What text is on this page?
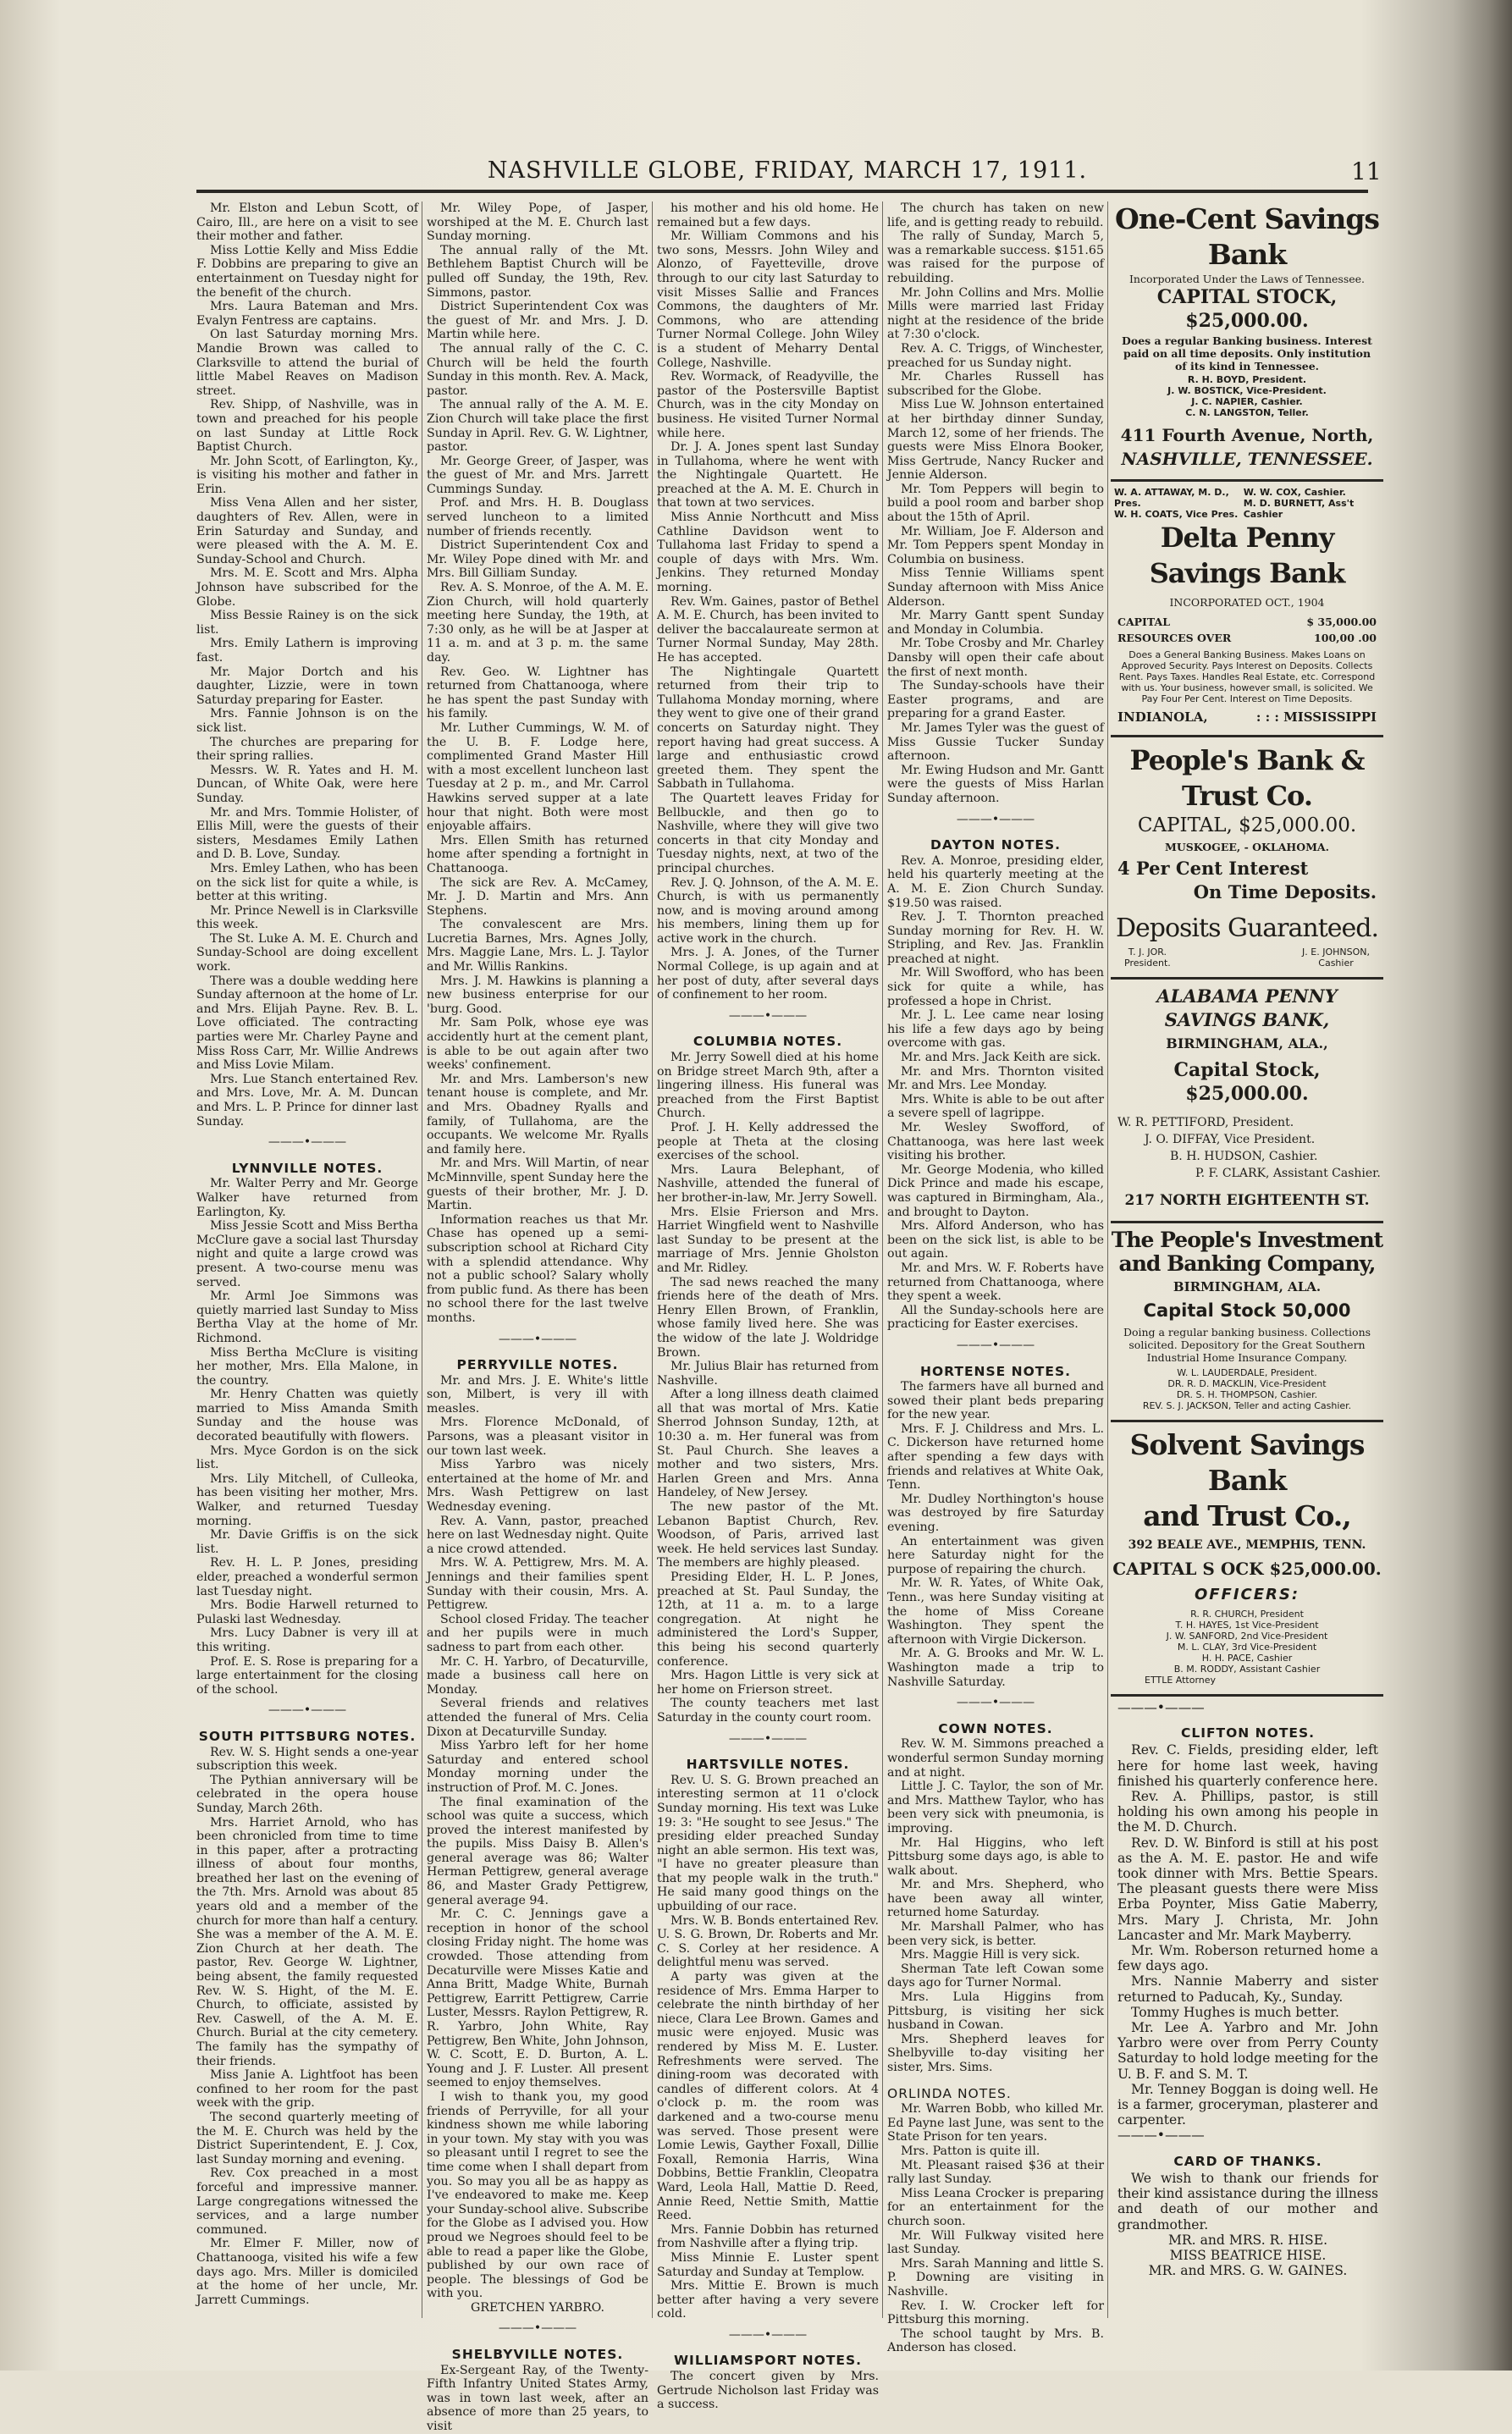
NASHVILLE GLOBE, FRIDAY, MARCH 17, 1911.	11

Mr. Elston and Lebun Scott, of Cairo, Ill., are here on a visit to see their mother and father.

Miss Lottie Kelly and Miss Eddie F. Dobbins are preparing to give an entertainment on Tuesday night for the benefit of the church.

Mrs. Laura Bateman and Mrs. Evalyn Fentress are captains.

On last Saturday morning Mrs. Mandie Brown was called to Clarksville to attend the burial of little Mabel Reaves on Madison street.

Rev. Shipp, of Nashville, was in town and preached for his people on last Sunday at Little Rock Baptist Church.

Mr. John Scott, of Earlington, Ky., is visiting his mother and father in Erin.

Miss Vena Allen and her sister, daughters of Rev. Allen, were in Erin Saturday and Sunday, and were pleased with the A. M. E. Sunday-School and Church.

Mrs. M. E. Scott and Mrs. Alpha Johnson have subscribed for the Globe.

Miss Bessie Rainey is on the sick list.

Mrs. Emily Lathern is improving fast.

Mr. Major Dortch and his daughter, Lizzie, were in town Saturday preparing for Easter.

Mrs. Fannie Johnson is on the sick list.

The churches are preparing for their spring rallies.

Messrs. W. R. Yates and H. M. Duncan, of White Oak, were here Sunday.

Mr. and Mrs. Tommie Holister, of Ellis Mill, were the guests of their sisters, Mesdames Emily Lathen and D. B. Love, Sunday.

Mrs. Emley Lathen, who has been on the sick list for quite a while, is better at this writing.

Mr. Prince Newell is in Clarksville this week.

The St. Luke A. M. E. Church and Sunday-School are doing excellent work.

There was a double wedding here Sunday afternoon at the home of Lr. and Mrs. Elijah Payne. Rev. B. L. Love officiated. The contracting parties were Mr. Charley Payne and Miss Ross Carr, Mr. Willie Andrews and Miss Lovie Milam.

Mrs. Lue Stanch entertained Rev. and Mrs. Love, Mr. A. M. Duncan and Mrs. L. P. Prince for dinner last Sunday.

———•———
LYNNVILLE NOTES.

Mr. Walter Perry and Mr. George Walker have returned from Earlington, Ky.

Miss Jessie Scott and Miss Bertha McClure gave a social last Thursday night and quite a large crowd was present. A two-course menu was served.

Mr. Arml Joe Simmons was quietly married last Sunday to Miss Bertha Vlay at the home of Mr. Richmond.

Miss Bertha McClure is visiting her mother, Mrs. Ella Malone, in the country.

Mr. Henry Chatten was quietly married to Miss Amanda Smith Sunday and the house was decorated beautifully with flowers.

Mrs. Myce Gordon is on the sick list.

Mrs. Lily Mitchell, of Culleoka, has been visiting her mother, Mrs. Walker, and returned Tuesday morning.

Mr. Davie Griffis is on the sick list.

Rev. H. L. P. Jones, presiding elder, preached a wonderful sermon last Tuesday night.

Mrs. Bodie Harwell returned to Pulaski last Wednesday.

Mrs. Lucy Dabner is very ill at this writing.

Prof. E. S. Rose is preparing for a large entertainment for the closing of the school.

———•———
SOUTH PITTSBURG NOTES.

Rev. W. S. Hight sends a one-year subscription this week.

The Pythian anniversary will be celebrated in the opera house Sunday, March 26th.

Mrs. Harriet Arnold, who has been chronicled from time to time in this paper, after a protracting illness of about four months, breathed her last on the evening of the 7th. Mrs. Arnold was about 85 years old and a member of the church for more than half a century. She was a member of the A. M. E. Zion Church at her death. The pastor, Rev. George W. Lightner, being absent, the family requested Rev. W. S. Hight, of the M. E. Church, to officiate, assisted by Rev. Caswell, of the A. M. E. Church. Burial at the city cemetery. The family has the sympathy of their friends.

Miss Janie A. Lightfoot has been confined to her room for the past week with the grip.

The second quarterly meeting of the M. E. Church was held by the District Superintendent, E. J. Cox, last Sunday morning and evening.

Rev. Cox preached in a most forceful and impressive manner. Large congregations witnessed the services, and a large number communed.

Mr. Elmer F. Miller, now of Chattanooga, visited his wife a few days ago. Mrs. Miller is domiciled at the home of her uncle, Mr. Jarrett Cummings.

Mr. Wiley Pope, of Jasper, worshiped at the M. E. Church last Sunday morning.

The annual rally of the Mt. Bethlehem Baptist Church will be pulled off Sunday, the 19th, Rev. Simmons, pastor.

District Superintendent Cox was the guest of Mr. and Mrs. J. D. Martin while here.

The annual rally of the C. C. Church will be held the fourth Sunday in this month. Rev. A. Mack, pastor.

The annual rally of the A. M. E. Zion Church will take place the first Sunday in April. Rev. G. W. Lightner, pastor.

Mr. George Greer, of Jasper, was the guest of Mr. and Mrs. Jarrett Cummings Sunday.

Prof. and Mrs. H. B. Douglass served luncheon to a limited number of friends recently.

District Superintendent Cox and Mr. Wiley Pope dined with Mr. and Mrs. Bill Gilliam Sunday.

Rev. A. S. Monroe, of the A. M. E. Zion Church, will hold quarterly meeting here Sunday, the 19th, at 7:30 only, as he will be at Jasper at 11 a. m. and at 3 p. m. the same day.

Rev. Geo. W. Lightner has returned from Chattanooga, where he has spent the past Sunday with his family.

Mr. Luther Cummings, W. M. of the U. B. F. Lodge here, complimented Grand Master Hill with a most excellent luncheon last Tuesday at 2 p. m., and Mr. Carrol Hawkins served supper at a late hour that night. Both were most enjoyable affairs.

Mrs. Ellen Smith has returned home after spending a fortnight in Chattanooga.

The sick are Rev. A. McCamey, Mr. J. D. Martin and Mrs. Ann Stephens.

The convalescent are Mrs. Lucretia Barnes, Mrs. Agnes Jolly, Mrs. Maggie Lane, Mrs. L. J. Taylor and Mr. Willis Rankins.

Mrs. J. M. Hawkins is planning a new business enterprise for our 'burg. Good.

Mr. Sam Polk, whose eye was accidently hurt at the cement plant, is able to be out again after two weeks' confinement.

Mr. and Mrs. Lamberson's new tenant house is complete, and Mr. and Mrs. Obadney Ryalls and family, of Tullahoma, are the occupants. We welcome Mr. Ryalls and family here.

Mr. and Mrs. Will Martin, of near McMinnville, spent Sunday here the guests of their brother, Mr. J. D. Martin.

Information reaches us that Mr. Chase has opened up a semi-subscription school at Richard City with a splendid attendance. Why not a public school? Salary wholly from public fund. As there has been no school there for the last twelve months.

———•———
PERRYVILLE NOTES.

Mr. and Mrs. J. E. White's little son, Milbert, is very ill with measles.

Mrs. Florence McDonald, of Parsons, was a pleasant visitor in our town last week.

Miss Yarbro was nicely entertained at the home of Mr. and Mrs. Wash Pettigrew on last Wednesday evening.

Rev. A. Vann, pastor, preached here on last Wednesday night. Quite a nice crowd attended.

Mrs. W. A. Pettigrew, Mrs. M. A. Jennings and their families spent Sunday with their cousin, Mrs. A. Pettigrew.

School closed Friday. The teacher and her pupils were in much sadness to part from each other.

Mr. C. H. Yarbro, of Decaturville, made a business call here on Monday.

Several friends and relatives attended the funeral of Mrs. Celia Dixon at Decaturville Sunday.

Miss Yarbro left for her home Saturday and entered school Monday morning under the instruction of Prof. M. C. Jones.

The final examination of the school was quite a success, which proved the interest manifested by the pupils. Miss Daisy B. Allen's general average was 86; Walter Herman Pettigrew, general average 86, and Master Grady Pettigrew, general average 94.

Mr. C. C. Jennings gave a reception in honor of the school closing Friday night. The home was crowded. Those attending from Decaturville were Misses Katie and Anna Britt, Madge White, Burnah Pettigrew, Earritt Pettigrew, Carrie Luster, Messrs. Raylon Pettigrew, R. R. Yarbro, John White, Ray Pettigrew, Ben White, John Johnson, W. C. Scott, E. D. Burton, A. L. Young and J. F. Luster. All present seemed to enjoy themselves.

I wish to thank you, my good friends of Perryville, for all your kindness shown me while laboring in your town. My stay with you was so pleasant until I regret to see the time come when I shall depart from you. So may you all be as happy as I've endeavored to make me. Keep your Sunday-school alive. Subscribe for the Globe as I advised you. How proud we Negroes should feel to be able to read a paper like the Globe, published by our own race of people. The blessings of God be with you.

GRETCHEN YARBRO.

———•———
SHELBYVILLE NOTES.

Ex-Sergeant Ray, of the Twenty-Fifth Infantry United States Army, was in town last week, after an absence of more than 25 years, to visit

his mother and his old home. He remained but a few days.

Mr. William Commons and his two sons, Messrs. John Wiley and Alonzo, of Fayetteville, drove through to our city last Saturday to visit Misses Sallie and Frances Commons, the daughters of Mr. Commons, who are attending Turner Normal College. John Wiley is a student of Meharry Dental College, Nashville.

Rev. Wormack, of Readyville, the pastor of the Postersville Baptist Church, was in the city Monday on business. He visited Turner Normal while here.

Dr. J. A. Jones spent last Sunday in Tullahoma, where he went with the Nightingale Quartett. He preached at the A. M. E. Church in that town at two services.

Miss Annie Northcutt and Miss Cathline Davidson went to Tullahoma last Friday to spend a couple of days with Mrs. Wm. Jenkins. They returned Monday morning.

Rev. Wm. Gaines, pastor of Bethel A. M. E. Church, has been invited to deliver the baccalaureate sermon at Turner Normal Sunday, May 28th. He has accepted.

The Nightingale Quartett returned from their trip to Tullahoma Monday morning, where they went to give one of their grand concerts on Saturday night. They report having had great success. A large and enthusiastic crowd greeted them. They spent the Sabbath in Tullahoma.

The Quartett leaves Friday for Bellbuckle, and then go to Nashville, where they will give two concerts in that city Monday and Tuesday nights, next, at two of the principal churches.

Rev. J. Q. Johnson, of the A. M. E. Church, is with us permanently now, and is moving around among his members, lining them up for active work in the church.

Mrs. J. A. Jones, of the Turner Normal College, is up again and at her post of duty, after several days of confinement to her room.

———•———
COLUMBIA NOTES.

Mr. Jerry Sowell died at his home on Bridge street March 9th, after a lingering illness. His funeral was preached from the First Baptist Church.

Prof. J. H. Kelly addressed the people at Theta at the closing exercises of the school.

Mrs. Laura Belephant, of Nashville, attended the funeral of her brother-in-law, Mr. Jerry Sowell.

Mrs. Elsie Frierson and Mrs. Harriet Wingfield went to Nashville last Sunday to be present at the marriage of Mrs. Jennie Gholston and Mr. Ridley.

The sad news reached the many friends here of the death of Mrs. Henry Ellen Brown, of Franklin, whose family lived here. She was the widow of the late J. Woldridge Brown.

Mr. Julius Blair has returned from Nashville.

After a long illness death claimed all that was mortal of Mrs. Katie Sherrod Johnson Sunday, 12th, at 10:30 a. m. Her funeral was from St. Paul Church. She leaves a mother and two sisters, Mrs. Harlen Green and Mrs. Anna Handeley, of New Jersey.

The new pastor of the Mt. Lebanon Baptist Church, Rev. Woodson, of Paris, arrived last week. He held services last Sunday. The members are highly pleased.

Presiding Elder, H. L. P. Jones, preached at St. Paul Sunday, the 12th, at 11 a. m. to a large congregation. At night he administered the Lord's Supper, this being his second quarterly conference.

Mrs. Hagon Little is very sick at her home on Frierson street.

The county teachers met last Saturday in the county court room.

———•———
HARTSVILLE NOTES.

Rev. U. S. G. Brown preached an interesting sermon at 11 o'clock Sunday morning. His text was Luke 19: 3: "He sought to see Jesus." The presiding elder preached Sunday night an able sermon. His text was, "I have no greater pleasure than that my people walk in the truth." He said many good things on the upbuilding of our race.

Mrs. W. B. Bonds entertained Rev. U. S. G. Brown, Dr. Roberts and Mr. C. S. Corley at her residence. A delightful menu was served.

A party was given at the residence of Mrs. Emma Harper to celebrate the ninth birthday of her niece, Clara Lee Brown. Games and music were enjoyed. Music was rendered by Miss M. E. Luster. Refreshments were served. The dining-room was decorated with candles of different colors. At 4 o'clock p. m. the room was darkened and a two-course menu was served. Those present were Lomie Lewis, Gayther Foxall, Dillie Foxall, Remonia Harris, Wina Dobbins, Bettie Franklin, Cleopatra Ward, Leola Hall, Mattie D. Reed, Annie Reed, Nettie Smith, Mattie Reed.

Mrs. Fannie Dobbin has returned from Nashville after a flying trip.

Miss Minnie E. Luster spent Saturday and Sunday at Templow.

Mrs. Mittie E. Brown is much better after having a very severe cold.

———•———
WILLIAMSPORT NOTES.

The concert given by Mrs. Gertrude Nicholson last Friday was a success.

The church has taken on new life, and is getting ready to rebuild.

The rally of Sunday, March 5, was a remarkable success. $151.65 was raised for the purpose of rebuilding.

Mr. John Collins and Mrs. Mollie Mills were married last Friday night at the residence of the bride at 7:30 o'clock.

Rev. A. C. Triggs, of Winchester, preached for us Sunday night.

Mr. Charles Russell has subscribed for the Globe.

Miss Lue W. Johnson entertained at her birthday dinner Sunday, March 12, some of her friends. The guests were Miss Elnora Booker, Miss Gertrude, Nancy Rucker and Jennie Alderson.

Mr. Tom Peppers will begin to build a pool room and barber shop about the 15th of April.

Mr. William, Joe F. Alderson and Mr. Tom Peppers spent Monday in Columbia on business.

Miss Tennie Williams spent Sunday afternoon with Miss Anice Alderson.

Mr. Marry Gantt spent Sunday and Monday in Columbia.

Mr. Tobe Crosby and Mr. Charley Dansby will open their cafe about the first of next month.

The Sunday-schools have their Easter programs, and are preparing for a grand Easter.

Mr. James Tyler was the guest of Miss Gussie Tucker Sunday afternoon.

Mr. Ewing Hudson and Mr. Gantt were the guests of Miss Harlan Sunday afternoon.

———•———
DAYTON NOTES.

Rev. A. Monroe, presiding elder, held his quarterly meeting at the A. M. E. Zion Church Sunday. $19.50 was raised.

Rev. J. T. Thornton preached Sunday morning for Rev. H. W. Stripling, and Rev. Jas. Franklin preached at night.

Mr. Will Swofford, who has been sick for quite a while, has professed a hope in Christ.

Mr. J. L. Lee came near losing his life a few days ago by being overcome with gas.

Mr. and Mrs. Jack Keith are sick.

Mr. and Mrs. Thornton visited Mr. and Mrs. Lee Monday.

Mrs. White is able to be out after a severe spell of lagrippe.

Mr. Wesley Swofford, of Chattanooga, was here last week visiting his brother.

Mr. George Modenia, who killed Dick Prince and made his escape, was captured in Birmingham, Ala., and brought to Dayton.

Mrs. Alford Anderson, who has been on the sick list, is able to be out again.

Mr. and Mrs. W. F. Roberts have returned from Chattanooga, where they spent a week.

All the Sunday-schools here are practicing for Easter exercises.

———•———
HORTENSE NOTES.

The farmers have all burned and sowed their plant beds preparing for the new year.

Mrs. F. J. Childress and Mrs. L. C. Dickerson have returned home after spending a few days with friends and relatives at White Oak, Tenn.

Mr. Dudley Northington's house was destroyed by fire Saturday evening.

An entertainment was given here Saturday night for the purpose of repairing the church.

Mr. W. R. Yates, of White Oak, Tenn., was here Sunday visiting at the home of Miss Coreane Washington. They spent the afternoon with Virgie Dickerson.

Mr. A. G. Brooks and Mr. W. L. Washington made a trip to Nashville Saturday.

———•———
COWN NOTES.

Rev. W. M. Simmons preached a wonderful sermon Sunday morning and at night.

Little J. C. Taylor, the son of Mr. and Mrs. Matthew Taylor, who has been very sick with pneumonia, is improving.

Mr. Hal Higgins, who left Pittsburg some days ago, is able to walk about.

Mr. and Mrs. Shepherd, who have been away all winter, returned home Saturday.

Mr. Marshall Palmer, who has been very sick, is better.

Mrs. Maggie Hill is very sick.

Sherman Tate left Cowan some days ago for Turner Normal.

Mrs. Lula Higgins from Pittsburg, is visiting her sick husband in Cowan.

Mrs. Shepherd leaves for Shelbyville to-day visiting her sister, Mrs. Sims.

ORLINDA NOTES.

Mr. Warren Bobb, who killed Mr. Ed Payne last June, was sent to the State Prison for ten years.

Mrs. Patton is quite ill.

Mt. Pleasant raised $36 at their rally last Sunday.

Miss Leana Crocker is preparing for an entertainment for the church soon.

Mr. Will Fulkway visited here last Sunday.

Mrs. Sarah Manning and little S. P. Downing are visiting in Nashville.

Rev. I. W. Crocker left for Pittsburg this morning.

The school taught by Mrs. B. Anderson has closed.

One-Cent Savings Bank
Incorporated Under the Laws of Tennessee.
CAPITAL STOCK, $25,000.00.
Does a regular Banking business. Interest paid on all time deposits. Only institution of its kind in Tennessee.
R. H. BOYD, President.
J. W. BOSTICK, Vice-President.
J. C. NAPIER, Cashier.
C. N. LANGSTON, Teller.
411 Fourth Avenue, North,
NASHVILLE, TENNESSEE.
W. A. ATTAWAY, M. D., Pres.
W. H. COATS, Vice Pres.
W. W. COX, Cashier.
M. D. BURNETT, Ass't Cashier
Delta Penny Savings Bank
INCORPORATED OCT., 1904
CAPITAL	$ 35,000.00
RESOURCES OVER	100,00 .00
Does a General Banking Business. Makes Loans on Approved Security. Pays Interest on Deposits. Collects Rent. Pays Taxes. Handles Real Estate, etc. Correspond with us. Your business, however small, is solicited. We Pay Four Per Cent. Interest on Time Deposits.
INDIANOLA,	: : : MISSISSIPPI
People's Bank & Trust Co.
CAPITAL, $25,000.00.
MUSKOGEE, - OKLAHOMA.
4 Per Cent Interest
On Time Deposits.
Deposits Guaranteed.
T. J. JOR.
President.
J. E. JOHNSON,
Cashier
ALABAMA PENNY SAVINGS BANK,
BIRMINGHAM, ALA.,
Capital Stock, $25,000.00.
W. R. PETTIFORD, President.
J. O. DIFFAY, Vice President.
B. H. HUDSON, Cashier.
P. F. CLARK, Assistant Cashier.
217 NORTH EIGHTEENTH ST.
The People's Investment
and Banking Company,
BIRMINGHAM, ALA.
Capital Stock 50,000
Doing a regular banking business. Collections solicited. Depository for the Great Southern Industrial Home Insurance Company.
W. L. LAUDERDALE, President.
DR. R. D. MACKLIN, Vice-President
DR. S. H. THOMPSON, Cashier.
REV. S. J. JACKSON, Teller and acting Cashier.
Solvent Savings Bank
and Trust Co.,
392 BEALE AVE., MEMPHIS, TENN.
CAPITAL S OCK $25,000.00.
OFFICERS:
R. R. CHURCH, President
T. H. HAYES, 1st Vice-President
J. W. SANFORD, 2nd Vice-President
M. L. CLAY, 3rd Vice-President
H. H. PACE, Cashier
B. M. RODDY, Assistant Cashier
ETTLE Attorney
———•———
CLIFTON NOTES.

Rev. C. Fields, presiding elder, left here for home last week, having finished his quarterly conference here.

Rev. A. Phillips, pastor, is still holding his own among his people in the M. D. Church.

Rev. D. W. Binford is still at his post as the A. M. E. pastor. He and wife took dinner with Mrs. Bettie Spears. The pleasant guests there were Miss Erba Poynter, Miss Gatie Maberry, Mrs. Mary J. Christa, Mr. John Lancaster and Mr. Mark Mayberry.

Mr. Wm. Roberson returned home a few days ago.

Mrs. Nannie Maberry and sister returned to Paducah, Ky., Sunday.

Tommy Hughes is much better.

Mr. Lee A. Yarbro and Mr. John Yarbro were over from Perry County Saturday to hold lodge meeting for the U. B. F. and S. M. T.

Mr. Tenney Boggan is doing well. He is a farmer, groceryman, plasterer and carpenter.

———•———
CARD OF THANKS.

We wish to thank our friends for their kind assistance during the illness and death of our mother and grandmother.

MR. and MRS. R. HISE.

MISS BEATRICE HISE.

MR. and MRS. G. W. GAINES.
